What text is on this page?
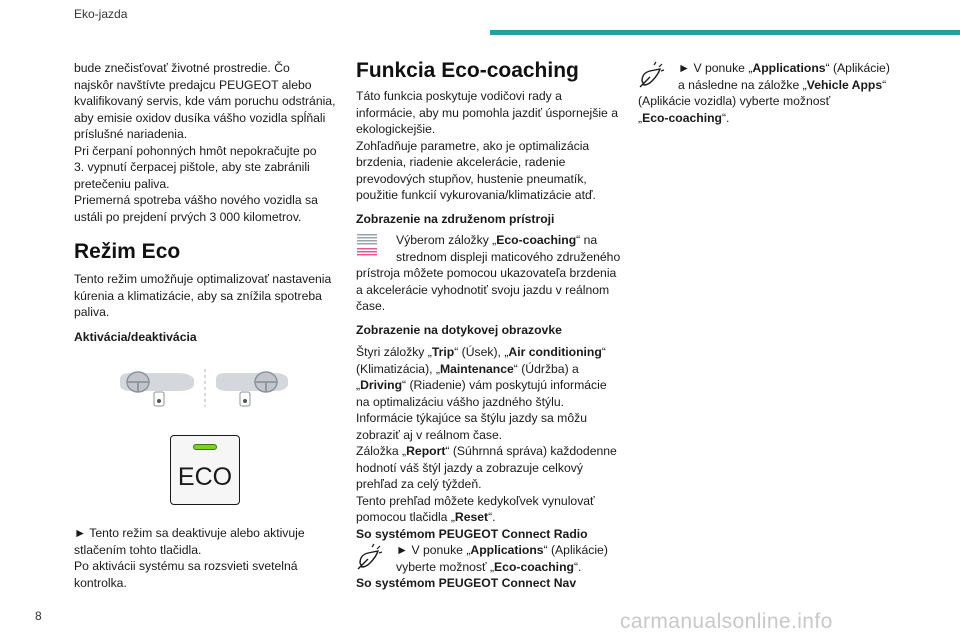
Eko-jazda
bude znečisťovať životné prostredie. Čo
najskôr navštívte predajcu PEUGEOT alebo
kvalifikovaný servis, kde vám poruchu odstránia,
aby emisie oxidov dusíka vášho vozidla spĺňali
príslušné nariadenia.
Pri čerpaní pohonných hmôt nepokračujte po
3. vypnutí čerpacej pištole, aby ste zabránili
pretečeniu paliva.
Priemerná spotreba vášho nového vozidla sa
ustáli po prejdení prvých 3 000 kilometrov.
Režim Eco
Tento režim umožňuje optimalizovať nastavenia
kúrenia a klimatizácie, aby sa znížila spotreba
paliva.
Aktivácia/deaktivácia
ECO
► Tento režim sa deaktivuje alebo aktivuje
stlačením tohto tlačidla.
Po aktivácii systému sa rozsvieti svetelná
kontrolka.
Funkcia Eco-coaching
Táto funkcia poskytuje vodičovi rady a
informácie, aby mu pomohla jazdiť úspornejšie a
ekologickejšie.
Zohľadňuje parametre, ako je optimalizácia
brzdenia, riadenie akcelerácie, radenie
prevodových stupňov, hustenie pneumatík,
použitie funkcií vykurovania/klimatizácie atď.
Zobrazenie na združenom prístroji
Výberom záložky „Eco-coaching“ na
strednom displeji maticového združeného
prístroja môžete pomocou ukazovateľa brzdenia
a akcelerácie vyhodnotiť svoju jazdu v reálnom
čase.
Zobrazenie na dotykovej obrazovke
Štyri záložky „Trip“ (Úsek), „Air conditioning“
(Klimatizácia), „Maintenance“ (Údržba) a
„Driving“ (Riadenie) vám poskytujú informácie
na optimalizáciu vášho jazdného štýlu.
Informácie týkajúce sa štýlu jazdy sa môžu
zobraziť aj v reálnom čase.
Záložka „Report“ (Súhrnná správa) každodenne
hodnotí váš štýl jazdy a zobrazuje celkový
prehľad za celý týždeň.
Tento prehľad môžete kedykoľvek vynulovať
pomocou tlačidla „Reset“.
So systémom PEUGEOT Connect Radio
► V ponuke „Applications“ (Aplikácie)
vyberte možnosť „Eco-coaching“.
So systémom PEUGEOT Connect Nav
► V ponuke „Applications“ (Aplikácie)
a následne na záložke „Vehicle Apps“
(Aplikácie vozidla) vyberte možnosť
„Eco-coaching“.
8	carmanualsonline.info
